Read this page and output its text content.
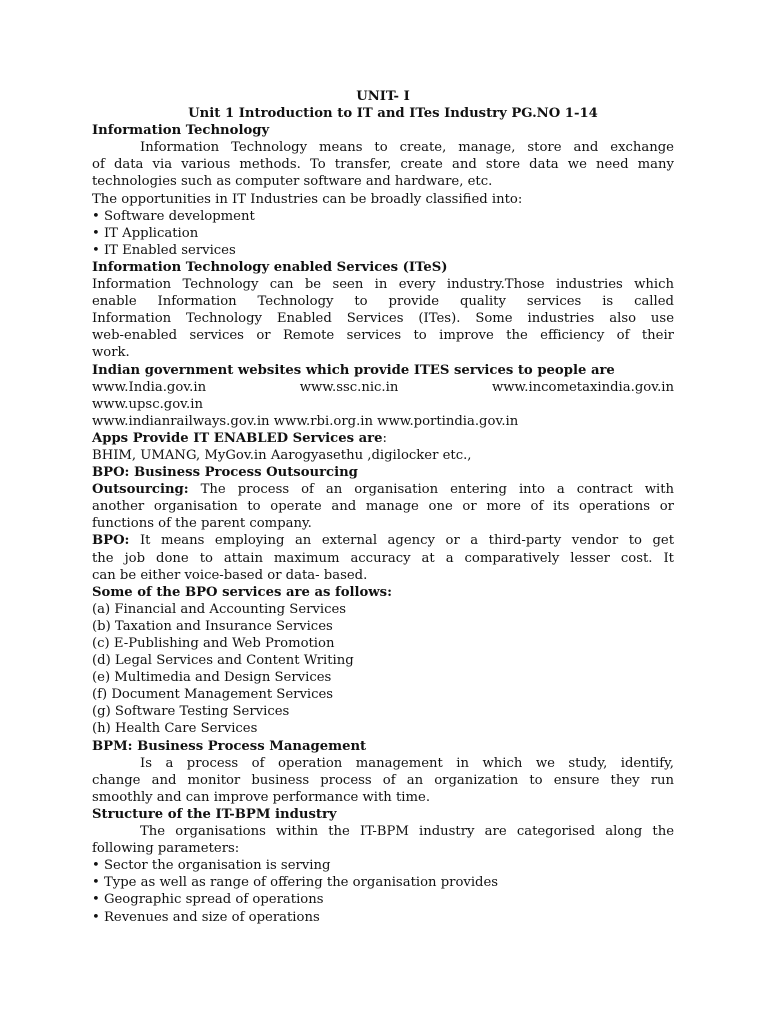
UNIT- I
Unit 1 Introduction to IT and ITes Industry PG.NO 1-14
Information Technology
Information Technology means to create, manage, store and exchange
of data via various methods. To transfer, create and store data we need many
technologies such as computer software and hardware, etc.
The opportunities in IT Industries can be broadly classified into:
• Software development
• IT Application
• IT Enabled services
Information Technology enabled Services (ITeS)
Information Technology can be seen in every industry.Those industries which
enable Information Technology to provide quality services is called
Information Technology Enabled Services (ITes). Some industries also use
web-enabled services or Remote services to improve the efficiency of their
work.
Indian government websites which provide ITES services to people are
www.India.gov.in	www.ssc.nic.in	www.incometaxindia.gov.in
www.upsc.gov.in
www.indianrailways.gov.in www.rbi.org.in www.portindia.gov.in
Apps Provide IT ENABLED Services are:
BHIM, UMANG, MyGov.in Aarogyasethu ,digilocker etc.,
BPO: Business Process Outsourcing
Outsourcing: The process of an organisation entering into a contract with
another organisation to operate and manage one or more of its operations or
functions of the parent company.
BPO: It means employing an external agency or a third-party vendor to get
the job done to attain maximum accuracy at a comparatively lesser cost. It
can be either voice-based or data- based.
Some of the BPO services are as follows:
(a) Financial and Accounting Services
(b) Taxation and Insurance Services
(c) E-Publishing and Web Promotion
(d) Legal Services and Content Writing
(e) Multimedia and Design Services
(f) Document Management Services
(g) Software Testing Services
(h) Health Care Services
BPM: Business Process Management
Is a process of operation management in which we study, identify,
change and monitor business process of an organization to ensure they run
smoothly and can improve performance with time.
Structure of the IT-BPM industry
The organisations within the IT-BPM industry are categorised along the
following parameters:
• Sector the organisation is serving
• Type as well as range of offering the organisation provides
• Geographic spread of operations
• Revenues and size of operations
